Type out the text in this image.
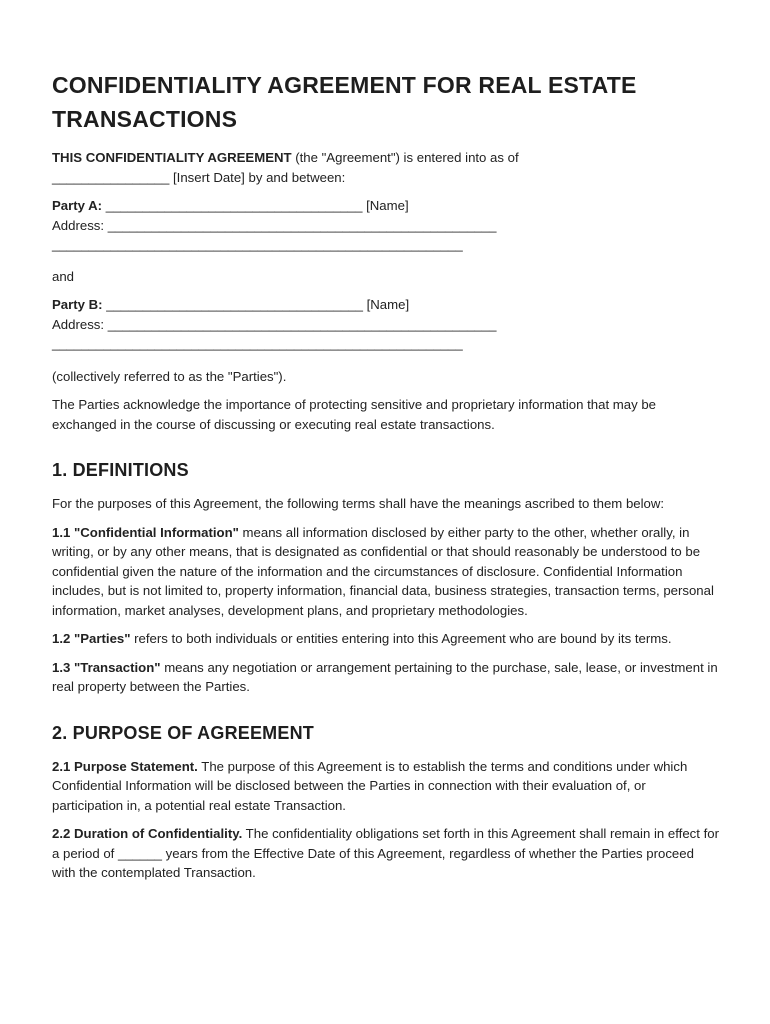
CONFIDENTIALITY AGREEMENT FOR REAL ESTATE TRANSACTIONS

THIS CONFIDENTIALITY AGREEMENT (the "Agreement") is entered into as of
________________ [Insert Date] by and between:

Party A: ___________________________________ [Name]
Address: _____________________________________________________
________________________________________________________

and

Party B: ___________________________________ [Name]
Address: _____________________________________________________
________________________________________________________

(collectively referred to as the "Parties").

The Parties acknowledge the importance of protecting sensitive and proprietary information that may be exchanged in the course of discussing or executing real estate transactions.

1. DEFINITIONS

For the purposes of this Agreement, the following terms shall have the meanings ascribed to them below:

1.1 "Confidential Information" means all information disclosed by either party to the other, whether orally, in writing, or by any other means, that is designated as confidential or that should reasonably be understood to be confidential given the nature of the information and the circumstances of disclosure. Confidential Information includes, but is not limited to, property information, financial data, business strategies, transaction terms, personal information, market analyses, development plans, and proprietary methodologies.

1.2 "Parties" refers to both individuals or entities entering into this Agreement who are bound by its terms.

1.3 "Transaction" means any negotiation or arrangement pertaining to the purchase, sale, lease, or investment in real property between the Parties.

2. PURPOSE OF AGREEMENT

2.1 Purpose Statement. The purpose of this Agreement is to establish the terms and conditions under which Confidential Information will be disclosed between the Parties in connection with their evaluation of, or participation in, a potential real estate Transaction.

2.2 Duration of Confidentiality. The confidentiality obligations set forth in this Agreement shall remain in effect for a period of ______ years from the Effective Date of this Agreement, regardless of whether the Parties proceed with the contemplated Transaction.
